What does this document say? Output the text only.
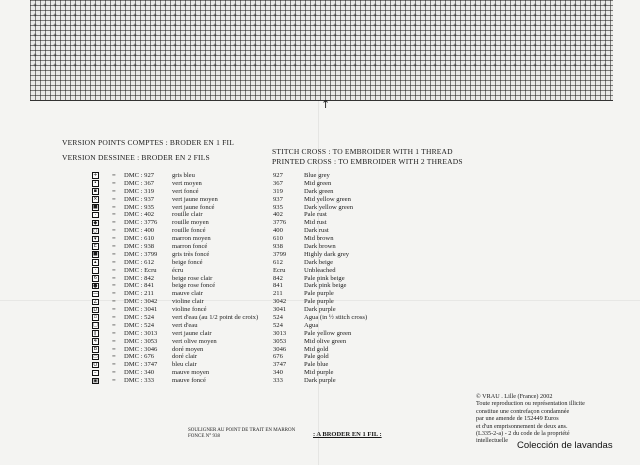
↑
VERSION POINTS COMPTES : BRODER EN 1 FIL
VERSION DESSINEE : BRODER EN 2 FILS
STITCH CROSS : TO EMBROIDER WITH 1 THREAD
PRINTED CROSS : TO EMBROIDER WITH 2 THREADS
+ = DMC : 927	gris bleu	927	Blue grey
• = DMC : 367	vert moyen	367	Mid green
▪ = DMC : 319	vert foncé	319	Dark green
× = DMC : 937	vert jaune moyen	937	Mid yellow green
■ = DMC : 935	vert jaune foncé	935	Dark yellow green
·	= DMC : 402	rouille clair	402	Pale rust
◆ = DMC : 3776 rouille moyen	3776	Mid rust
○ = DMC : 400	rouille foncé	400	Dark rust
▾	= DMC : 610	marron moyen	610	Mid brown
E = DMC : 938	marron foncé	938	Dark brown
■ = DMC : 3799 gris très foncé	3799	Highly dark grey
▴	= DMC : 612	beige foncé	612	Dark beige
·	= DMC : Ecru écru	Ecru	Unbleached
6 = DMC : 842	beige rose clair	842	Pale pink beige
● = DMC : 841	beige rose foncé	841	Dark pink beige
— = DMC : 211	mauve clair	211	Pale purple
Z = DMC : 3042 violine clair	3042	Pale purple
D = DMC : 3041 violine foncé	3041	Dark purple
▫ = DMC : 524	vert d'eau (au 1/2 point de croix) 524	Agua (in ½ stitch cross)
□ = DMC : 524	vert d'eau	524	Agua
‖	= DMC : 3013 vert jaune clair	3013	Pale yellow green
4 = DMC : 3053 vert olive moyen	3053	Mid olive green
B = DMC : 3046 doré moyen	3046	Mid gold
▭ = DMC : 676	doré clair	676	Pale gold
O = DMC : 3747 bleu clair	3747	Pale blue
–	= DMC : 340	mauve moyen	340	Mid purple
▣ = DMC : 333	mauve foncé	333	Dark purple
© VRAU . Lille (France) 2002
Toute reproduction ou représentation illicite
constitue une contrefaçon condamnée
par une amende de 152449 Euros
et d'un emprisonnement de deux ans.
(L335-2-a) - 2 du code de la propriété
intellectuelle
SOULIGNER AU POINT DE TRAIT EN MARRON
FONCE N° 938	: A BRODER EN 1 FIL :
Colección de lavandas
